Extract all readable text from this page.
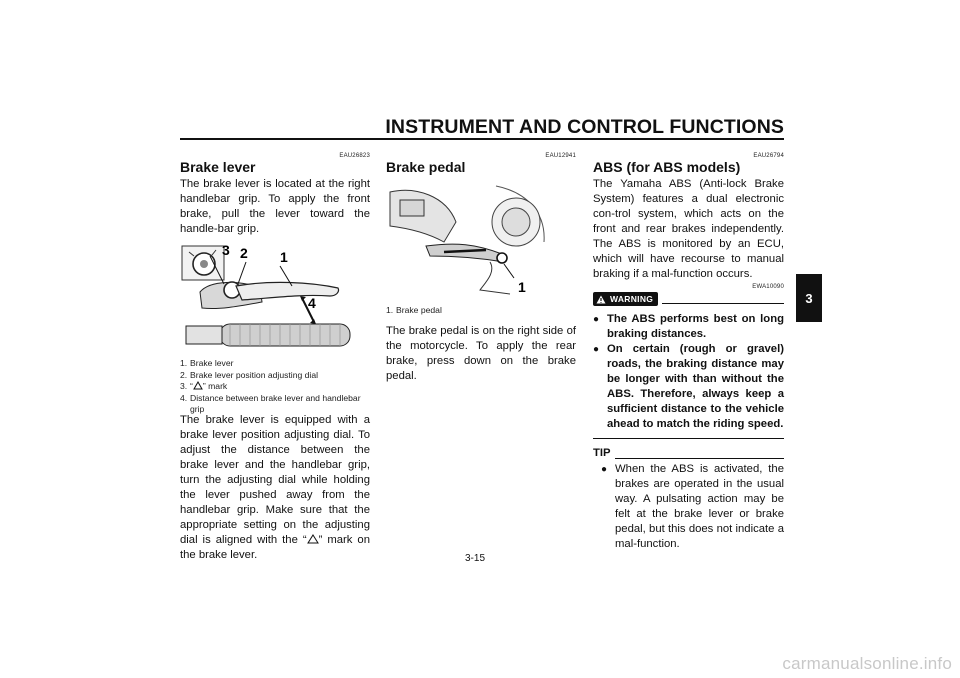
INSTRUMENT AND CONTROL FUNCTIONS
3
EAU26823
Brake lever

The brake lever is located at the right handlebar grip. To apply the front brake, pull the lever toward the handle-bar grip.

3 2 1
4
1. Brake lever
2. Brake lever position adjusting dial
3. “ ” mark
4. Distance between brake lever and handlebar grip

The brake lever is equipped with a brake lever position adjusting dial. To adjust the distance between the brake lever and the handlebar grip, turn the adjusting dial while holding the lever pushed away from the handlebar grip. Make sure that the appropriate setting on the adjusting dial is aligned with the “ ” mark on the brake lever.

EAU12941
Brake pedal
1
1. Brake pedal

The brake pedal is on the right side of the motorcycle. To apply the rear brake, press down on the brake pedal.

EAU26794
ABS (for ABS models)

The Yamaha ABS (Anti-lock Brake System) features a dual electronic con-trol system, which acts on the front and rear brakes independently. The ABS is monitored by an ECU, which will have recourse to manual braking if a mal-function occurs.

EWA10090
WARNING
● The ABS performs best on long braking distances.
● On certain (rough or gravel) roads, the braking distance may be longer with than without the ABS. Therefore, always keep a sufficient distance to the vehicle ahead to match the riding speed.
TIP
● When the ABS is activated, the brakes are operated in the usual way. A pulsating action may be felt at the brake lever or brake pedal, but this does not indicate a mal-function.
3-15
carmanualsonline.info
